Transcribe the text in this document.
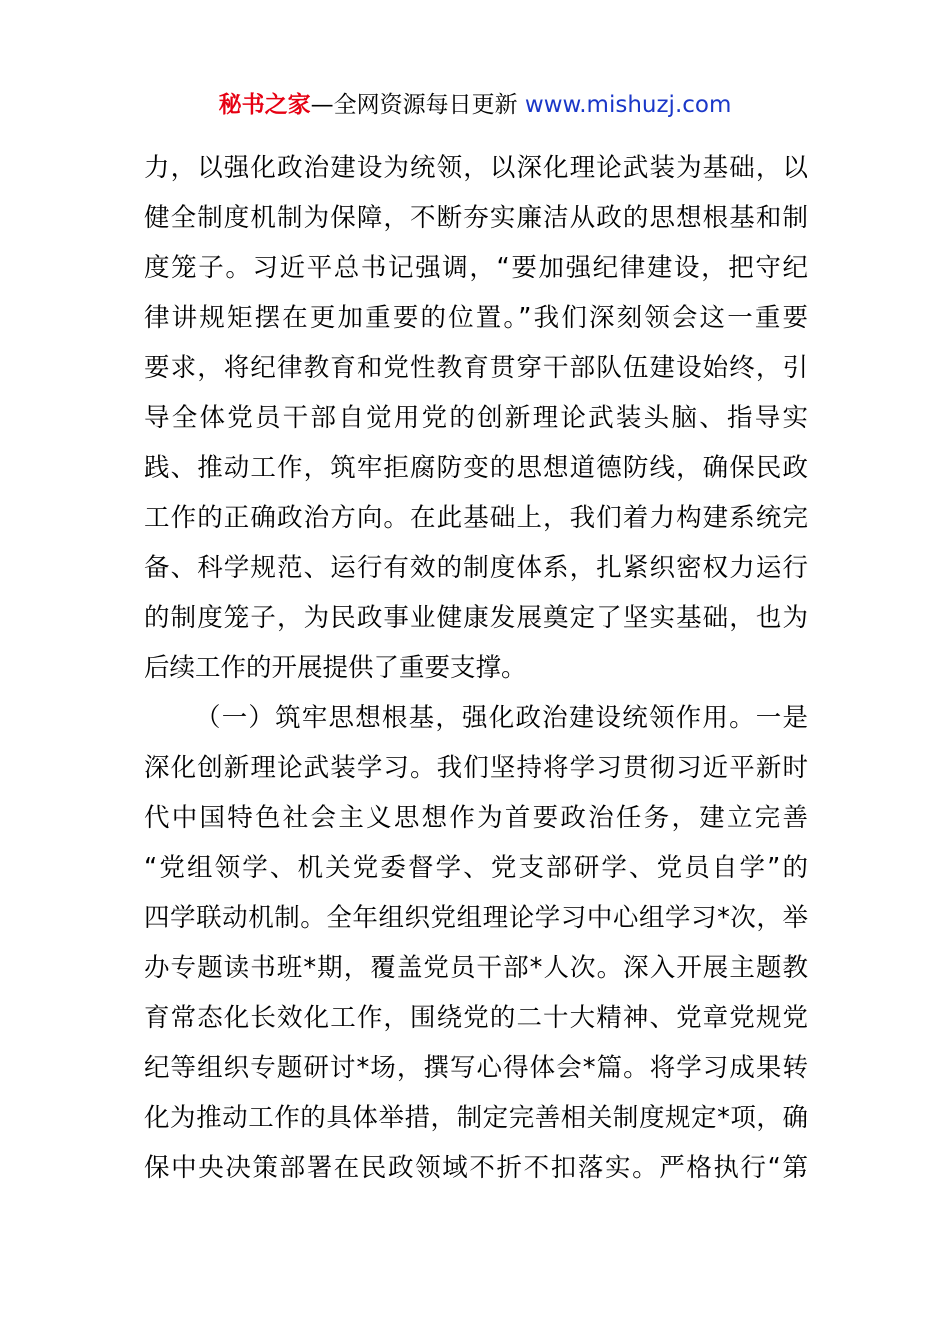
秘书之家—全网资源每日更新 www.mishuzj.com
力，以强化政治建设为统领，以深化理论武装为基础，以
健全制度机制为保障，不断夯实廉洁从政的思想根基和制
度笼子。习近平总书记强调，“要加强纪律建设，把守纪
律讲规矩摆在更加重要的位置。”我们深刻领会这一重要
要求，将纪律教育和党性教育贯穿干部队伍建设始终，引
导全体党员干部自觉用党的创新理论武装头脑、指导实
践、推动工作，筑牢拒腐防变的思想道德防线，确保民政
工作的正确政治方向。在此基础上，我们着力构建系统完
备、科学规范、运行有效的制度体系，扎紧织密权力运行
的制度笼子，为民政事业健康发展奠定了坚实基础，也为
后续工作的开展提供了重要支撑。
（一）筑牢思想根基，强化政治建设统领作用。一是
深化创新理论武装学习。我们坚持将学习贯彻习近平新时
代中国特色社会主义思想作为首要政治任务，建立完善
“党组领学、机关党委督学、党支部研学、党员自学”的
四学联动机制。全年组织党组理论学习中心组学习*次，举
办专题读书班*期，覆盖党员干部*人次。深入开展主题教
育常态化长效化工作，围绕党的二十大精神、党章党规党
纪等组织专题研讨*场，撰写心得体会*篇。将学习成果转
化为推动工作的具体举措，制定完善相关制度规定*项，确
保中央决策部署在民政领域不折不扣落实。严格执行“第
